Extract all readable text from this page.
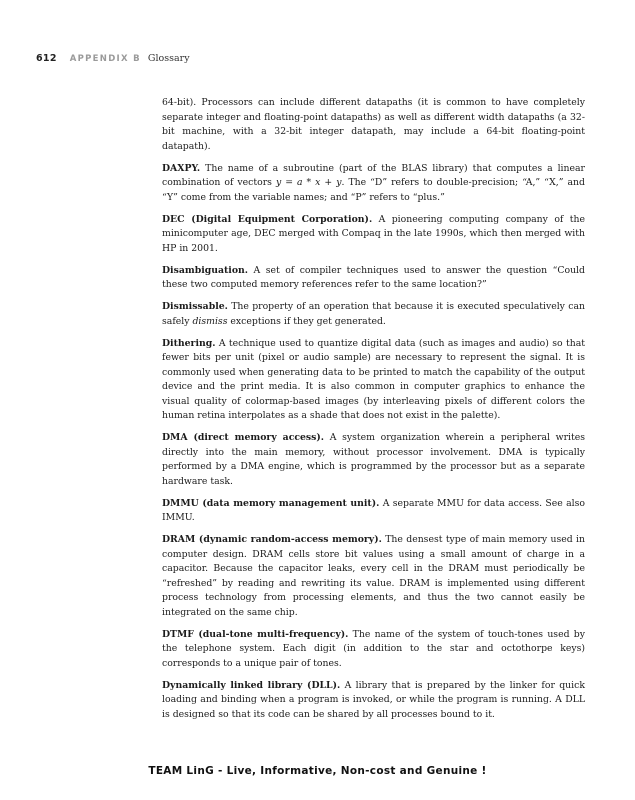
612 APPENDIX B Glossary

64-bit). Processors can include different datapaths (it is common to have completely separate integer and floating-point datapaths) as well as different width datapaths (a 32-bit machine, with a 32-bit integer datapath, may include a 64-bit floating-point datapath).

DAXPY. The name of a subroutine (part of the BLAS library) that computes a linear combination of vectors y = a * x + y. The “D” refers to double-precision; “A,” “X,” and “Y” come from the variable names; and “P” refers to “plus.”

DEC (Digital Equipment Corporation). A pioneering computing company of the minicomputer age, DEC merged with Compaq in the late 1990s, which then merged with HP in 2001.

Disambiguation. A set of compiler techniques used to answer the question “Could these two computed memory references refer to the same location?”

Dismissable. The property of an operation that because it is executed speculatively can safely dismiss exceptions if they get generated.

Dithering. A technique used to quantize digital data (such as images and audio) so that fewer bits per unit (pixel or audio sample) are necessary to represent the signal. It is commonly used when generating data to be printed to match the capability of the output device and the print media. It is also common in computer graphics to enhance the visual quality of colormap-based images (by interleaving pixels of different colors the human retina interpolates as a shade that does not exist in the palette).

DMA (direct memory access). A system organization wherein a peripheral writes directly into the main memory, without processor involvement. DMA is typically performed by a DMA engine, which is programmed by the processor but as a separate hardware task.

DMMU (data memory management unit). A separate MMU for data access. See also IMMU.

DRAM (dynamic random-access memory). The densest type of main memory used in computer design. DRAM cells store bit values using a small amount of charge in a capacitor. Because the capacitor leaks, every cell in the DRAM must periodically be “refreshed” by reading and rewriting its value. DRAM is implemented using different process technology from processing elements, and thus the two cannot easily be integrated on the same chip.

DTMF (dual-tone multi-frequency). The name of the system of touch-tones used by the telephone system. Each digit (in addition to the star and octothorpe keys) corresponds to a unique pair of tones.

Dynamically linked library (DLL). A library that is prepared by the linker for quick loading and binding when a program is invoked, or while the program is running. A DLL is designed so that its code can be shared by all processes bound to it.

TEAM LinG - Live, Informative, Non-cost and Genuine !
